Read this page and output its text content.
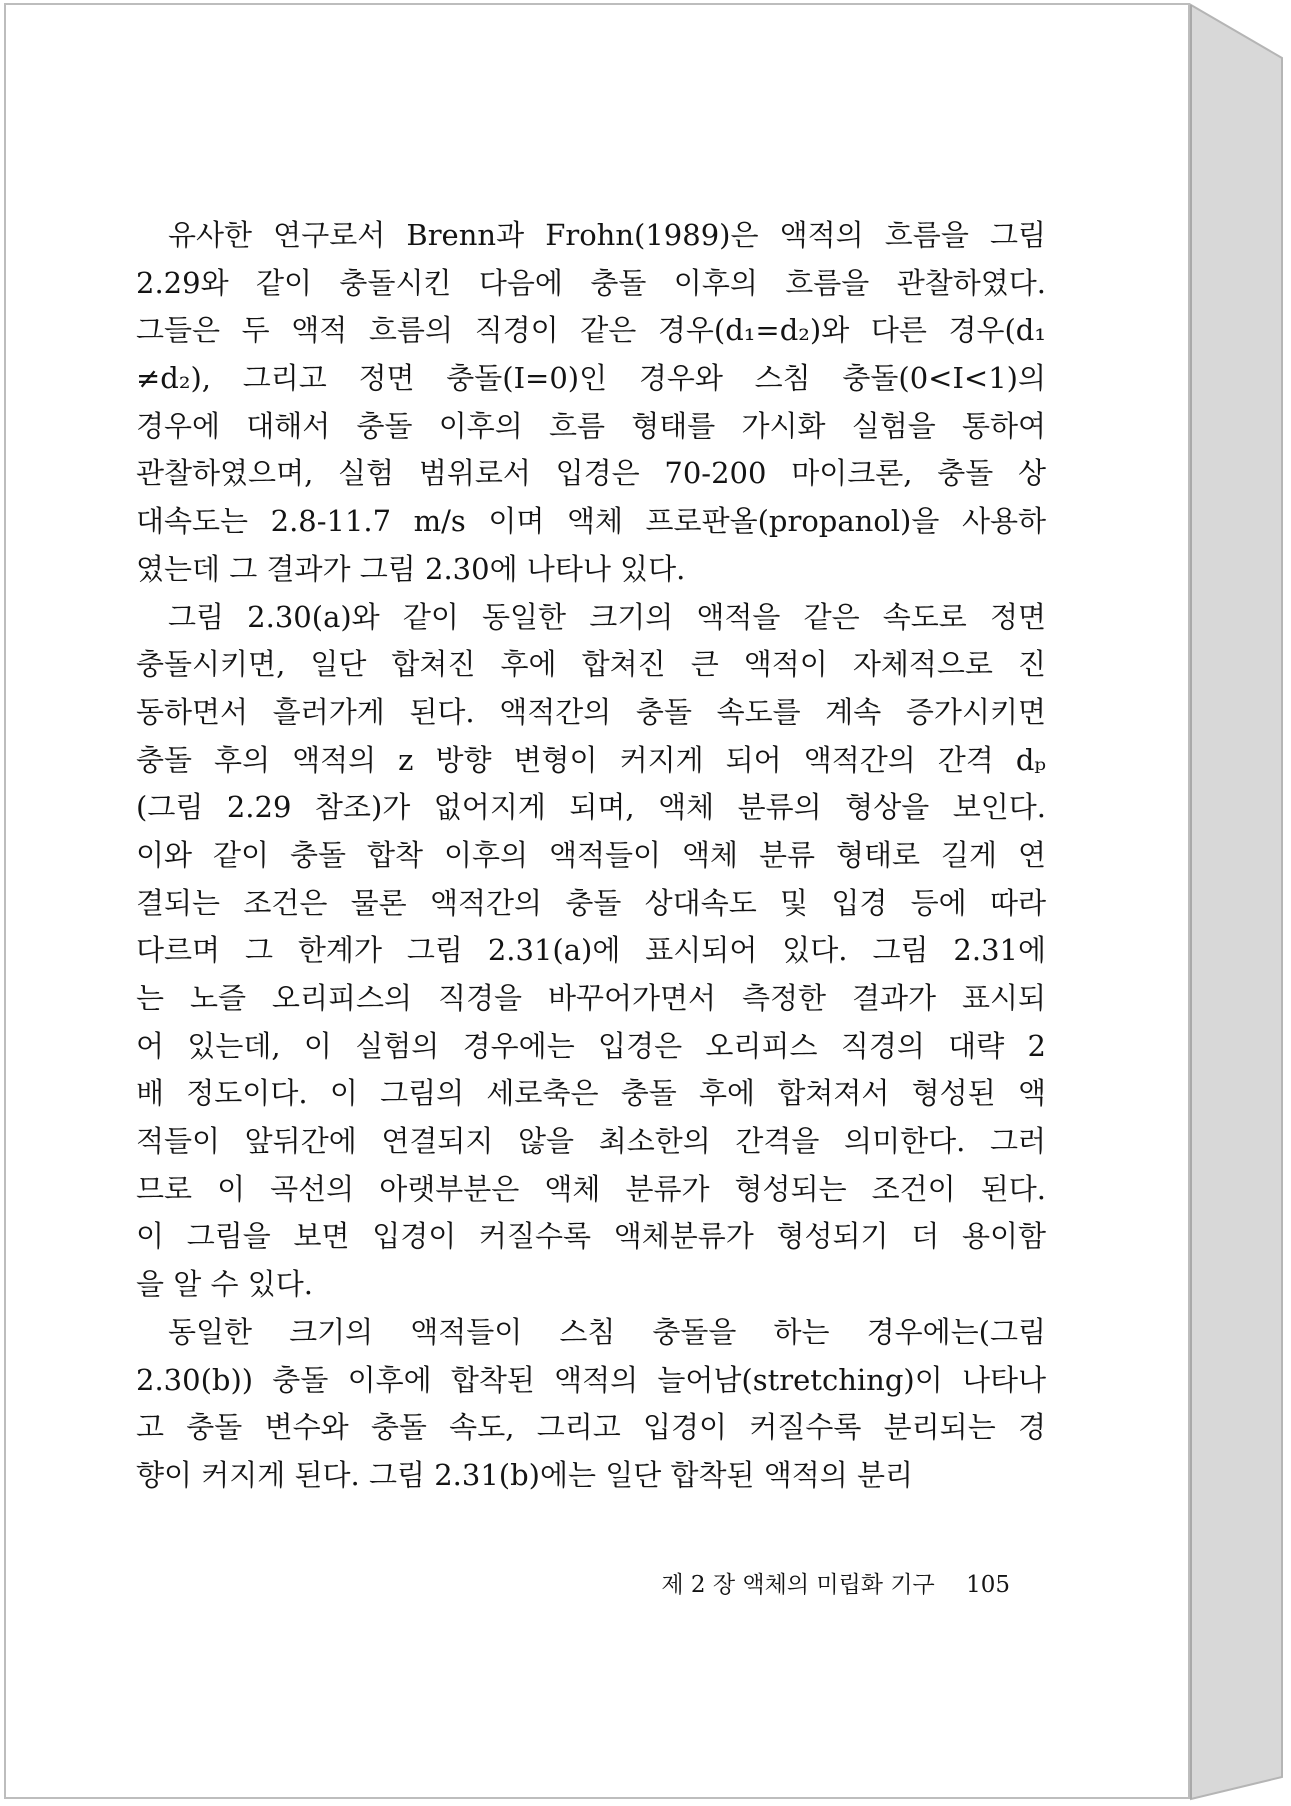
유사한 연구로서 Brenn과 Frohn(1989)은 액적의 흐름을 그림
2.29와 같이 충돌시킨 다음에 충돌 이후의 흐름을 관찰하였다.
그들은 두 액적 흐름의 직경이 같은 경우(d₁=d₂)와 다른 경우(d₁
≠d₂), 그리고 정면 충돌(I=0)인 경우와 스침 충돌(0<I<1)의
경우에 대해서 충돌 이후의 흐름 형태를 가시화 실험을 통하여
관찰하였으며, 실험 범위로서 입경은 70-200 마이크론, 충돌 상
대속도는 2.8-11.7 m/s 이며 액체 프로판올(propanol)을 사용하
였는데 그 결과가 그림 2.30에 나타나 있다.
그림 2.30(a)와 같이 동일한 크기의 액적을 같은 속도로 정면
충돌시키면, 일단 합쳐진 후에 합쳐진 큰 액적이 자체적으로 진
동하면서 흘러가게 된다. 액적간의 충돌 속도를 계속 증가시키면
충돌 후의 액적의 z 방향 변형이 커지게 되어 액적간의 간격 dₚ
(그림 2.29 참조)가 없어지게 되며, 액체 분류의 형상을 보인다.
이와 같이 충돌 합착 이후의 액적들이 액체 분류 형태로 길게 연
결되는 조건은 물론 액적간의 충돌 상대속도 및 입경 등에 따라
다르며 그 한계가 그림 2.31(a)에 표시되어 있다. 그림 2.31에
는 노즐 오리피스의 직경을 바꾸어가면서 측정한 결과가 표시되
어 있는데, 이 실험의 경우에는 입경은 오리피스 직경의 대략 2
배 정도이다. 이 그림의 세로축은 충돌 후에 합쳐져서 형성된 액
적들이 앞뒤간에 연결되지 않을 최소한의 간격을 의미한다. 그러
므로 이 곡선의 아랫부분은 액체 분류가 형성되는 조건이 된다.
이 그림을 보면 입경이 커질수록 액체분류가 형성되기 더 용이함
을 알 수 있다.
동일한 크기의 액적들이 스침 충돌을 하는 경우에는(그림
2.30(b)) 충돌 이후에 합착된 액적의 늘어남(stretching)이 나타나
고 충돌 변수와 충돌 속도, 그리고 입경이 커질수록 분리되는 경
향이 커지게 된다. 그림 2.31(b)에는 일단 합착된 액적의 분리
제 2 장 액체의 미립화 기구 105
